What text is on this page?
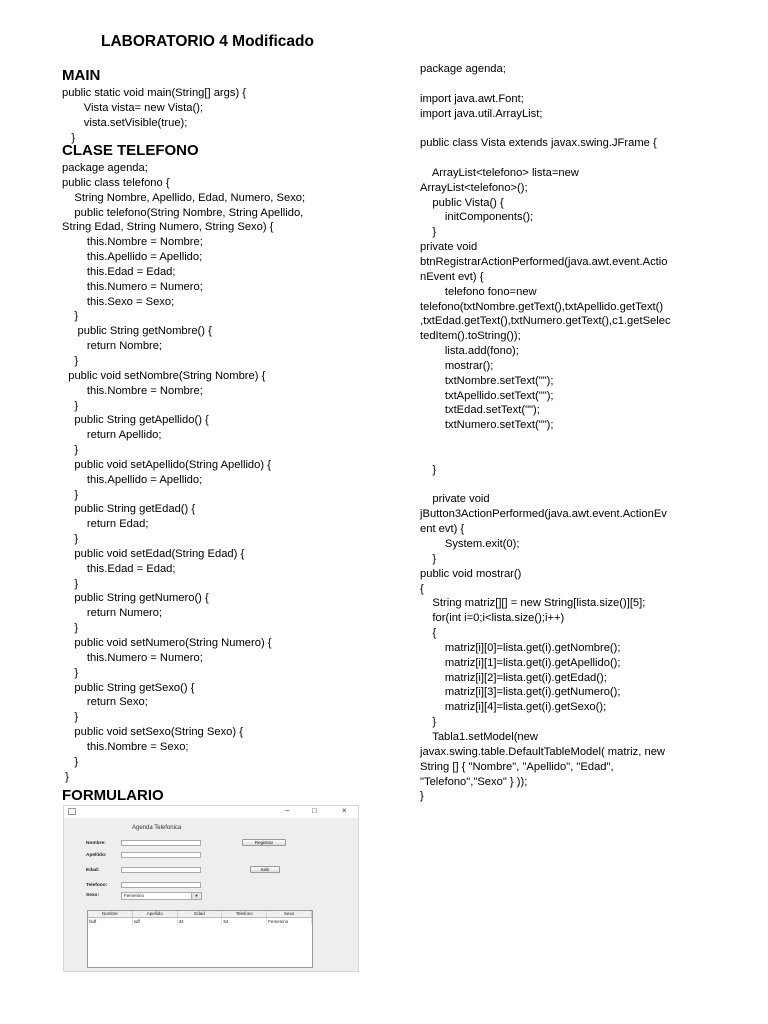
LABORATORIO 4 Modificado
MAIN
public static void main(String[] args) {
Vista vista= new Vista();
vista.setVisible(true);
}
CLASE TELEFONO
package agenda;
public class telefono {
String Nombre, Apellido, Edad, Numero, Sexo;
public telefono(String Nombre, String Apellido,
String Edad, String Numero, String Sexo) {
this.Nombre = Nombre;
this.Apellido = Apellido;
this.Edad = Edad;
this.Numero = Numero;
this.Sexo = Sexo;
}
public String getNombre() {
return Nombre;
}
public void setNombre(String Nombre) {
this.Nombre = Nombre;
}
public String getApellido() {
return Apellido;
}
public void setApellido(String Apellido) {
this.Apellido = Apellido;
}
public String getEdad() {
return Edad;
}
public void setEdad(String Edad) {
this.Edad = Edad;
}
public String getNumero() {
return Numero;
}
public void setNumero(String Numero) {
this.Numero = Numero;
}
public String getSexo() {
return Sexo;
}
public void setSexo(String Sexo) {
this.Nombre = Sexo;
}
}
FORMULARIO
package agenda;
import java.awt.Font;
import java.util.ArrayList;
public class Vista extends javax.swing.JFrame {
ArrayList<telefono> lista=new
ArrayList<telefono>();
public Vista() {
initComponents();
}
private void
btnRegistrarActionPerformed(java.awt.event.Actio
nEvent evt) {
telefono fono=new
telefono(txtNombre.getText(),txtApellido.getText()
,txtEdad.getText(),txtNumero.getText(),c1.getSelec
tedItem().toString());
lista.add(fono);
mostrar();
txtNombre.setText("");
txtApellido.setText("");
txtEdad.setText("");
txtNumero.setText("");
}
private void
jButton3ActionPerformed(java.awt.event.ActionEv
ent evt) {
System.exit(0);
}
public void mostrar()
{
String matriz[][] = new String[lista.size()][5];
for(int i=0;i<lista.size();i++)
{
matriz[i][0]=lista.get(i).getNombre();
matriz[i][1]=lista.get(i).getApellido();
matriz[i][2]=lista.get(i).getEdad();
matriz[i][3]=lista.get(i).getNumero();
matriz[i][4]=lista.get(i).getSexo();
}
Tabla1.setModel(new
javax.swing.table.DefaultTableModel( matriz, new
String [] { "Nombre", "Apellido", "Edad",
"Telefono","Sexo" } ));
}
–	□	×
Agenda Telefonica
Nombre:
Apellido:
Edad:
Telefono:
Sexo:	Femenino	▼
Registrar
Salir
Nombre	Apellido	Edad	Telefono	Sexo
fsdf	sdf	34	54	Femenino
